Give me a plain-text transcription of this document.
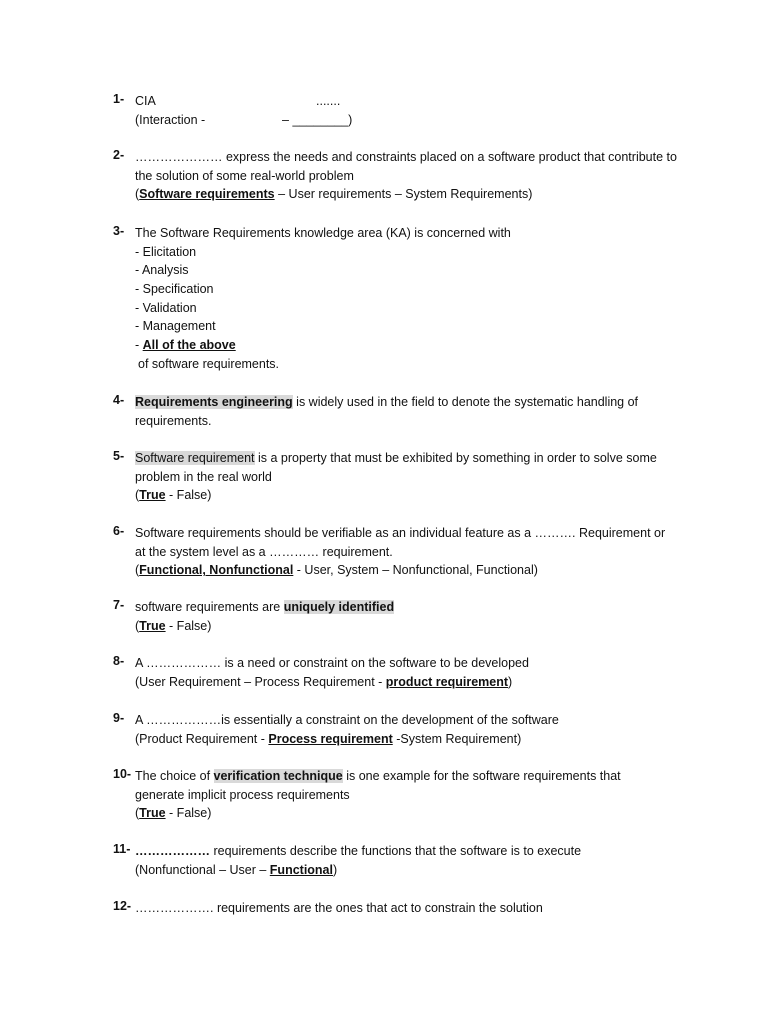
1- CIA	.......
(Interaction -	– ________)
2- ………………… express the needs and constraints placed on a software product that contribute to
the solution of some real-world problem
(Software requirements – User requirements – System Requirements)
3- The Software Requirements knowledge area (KA) is concerned with
- Elicitation
- Analysis
- Specification
- Validation
- Management
- All of the above
of software requirements.
4- Requirements engineering is widely used in the field to denote the systematic handling of
requirements.
5- Software requirement is a property that must be exhibited by something in order to solve some
problem in the real world
(True - False)
6- Software requirements should be verifiable as an individual feature as a ………. Requirement or
at the system level as a ………… requirement.
(Functional, Nonfunctional - User, System – Nonfunctional, Functional)
7- software requirements are uniquely identified
(True - False)
8- A ……………… is a need or constraint on the software to be developed
(User Requirement – Process Requirement - product requirement)
9- A ………………is essentially a constraint on the development of the software
(Product Requirement - Process requirement -System Requirement)
10- The choice of verification technique is one example for the software requirements that
generate implicit process requirements
(True - False)
11- ……………… requirements describe the functions that the software is to execute
(Nonfunctional – User – Functional)
12- ………………. requirements are the ones that act to constrain the solution
